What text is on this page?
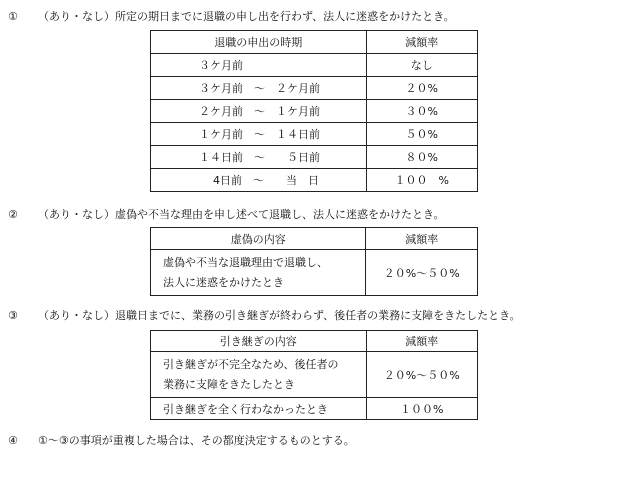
① （あり・なし）所定の期日までに退職の申し出を行わず、法人に迷惑をかけたとき。
退職の申出の時期	減額率

３ケ月前	なし

３ケ月前　～　２ケ月前	２０%

２ケ月前　～　１ケ月前	３０%

１ケ月前　～　１４日前	５０%

１４日前　～　　５日前	８０%

4日前　～　　当　日	１００　%
② （あり・なし）虚偽や不当な理由を申し述べて退職し、法人に迷惑をかけたとき。
虚偽の内容	減額率

虚偽や不当な退職理由で退職し、
法人に迷惑をかけたとき	２０%～５０%
③ （あり・なし）退職日までに、業務の引き継ぎが終わらず、後任者の業務に支障をきたしたとき。
引き継ぎの内容	減額率

引き継ぎが不完全なため、後任者の
業務に支障をきたしたとき	２０%～５０%

引き継ぎを全く行わなかったとき	１００%
④ ①～③の事項が重複した場合は、その都度決定するものとする。
